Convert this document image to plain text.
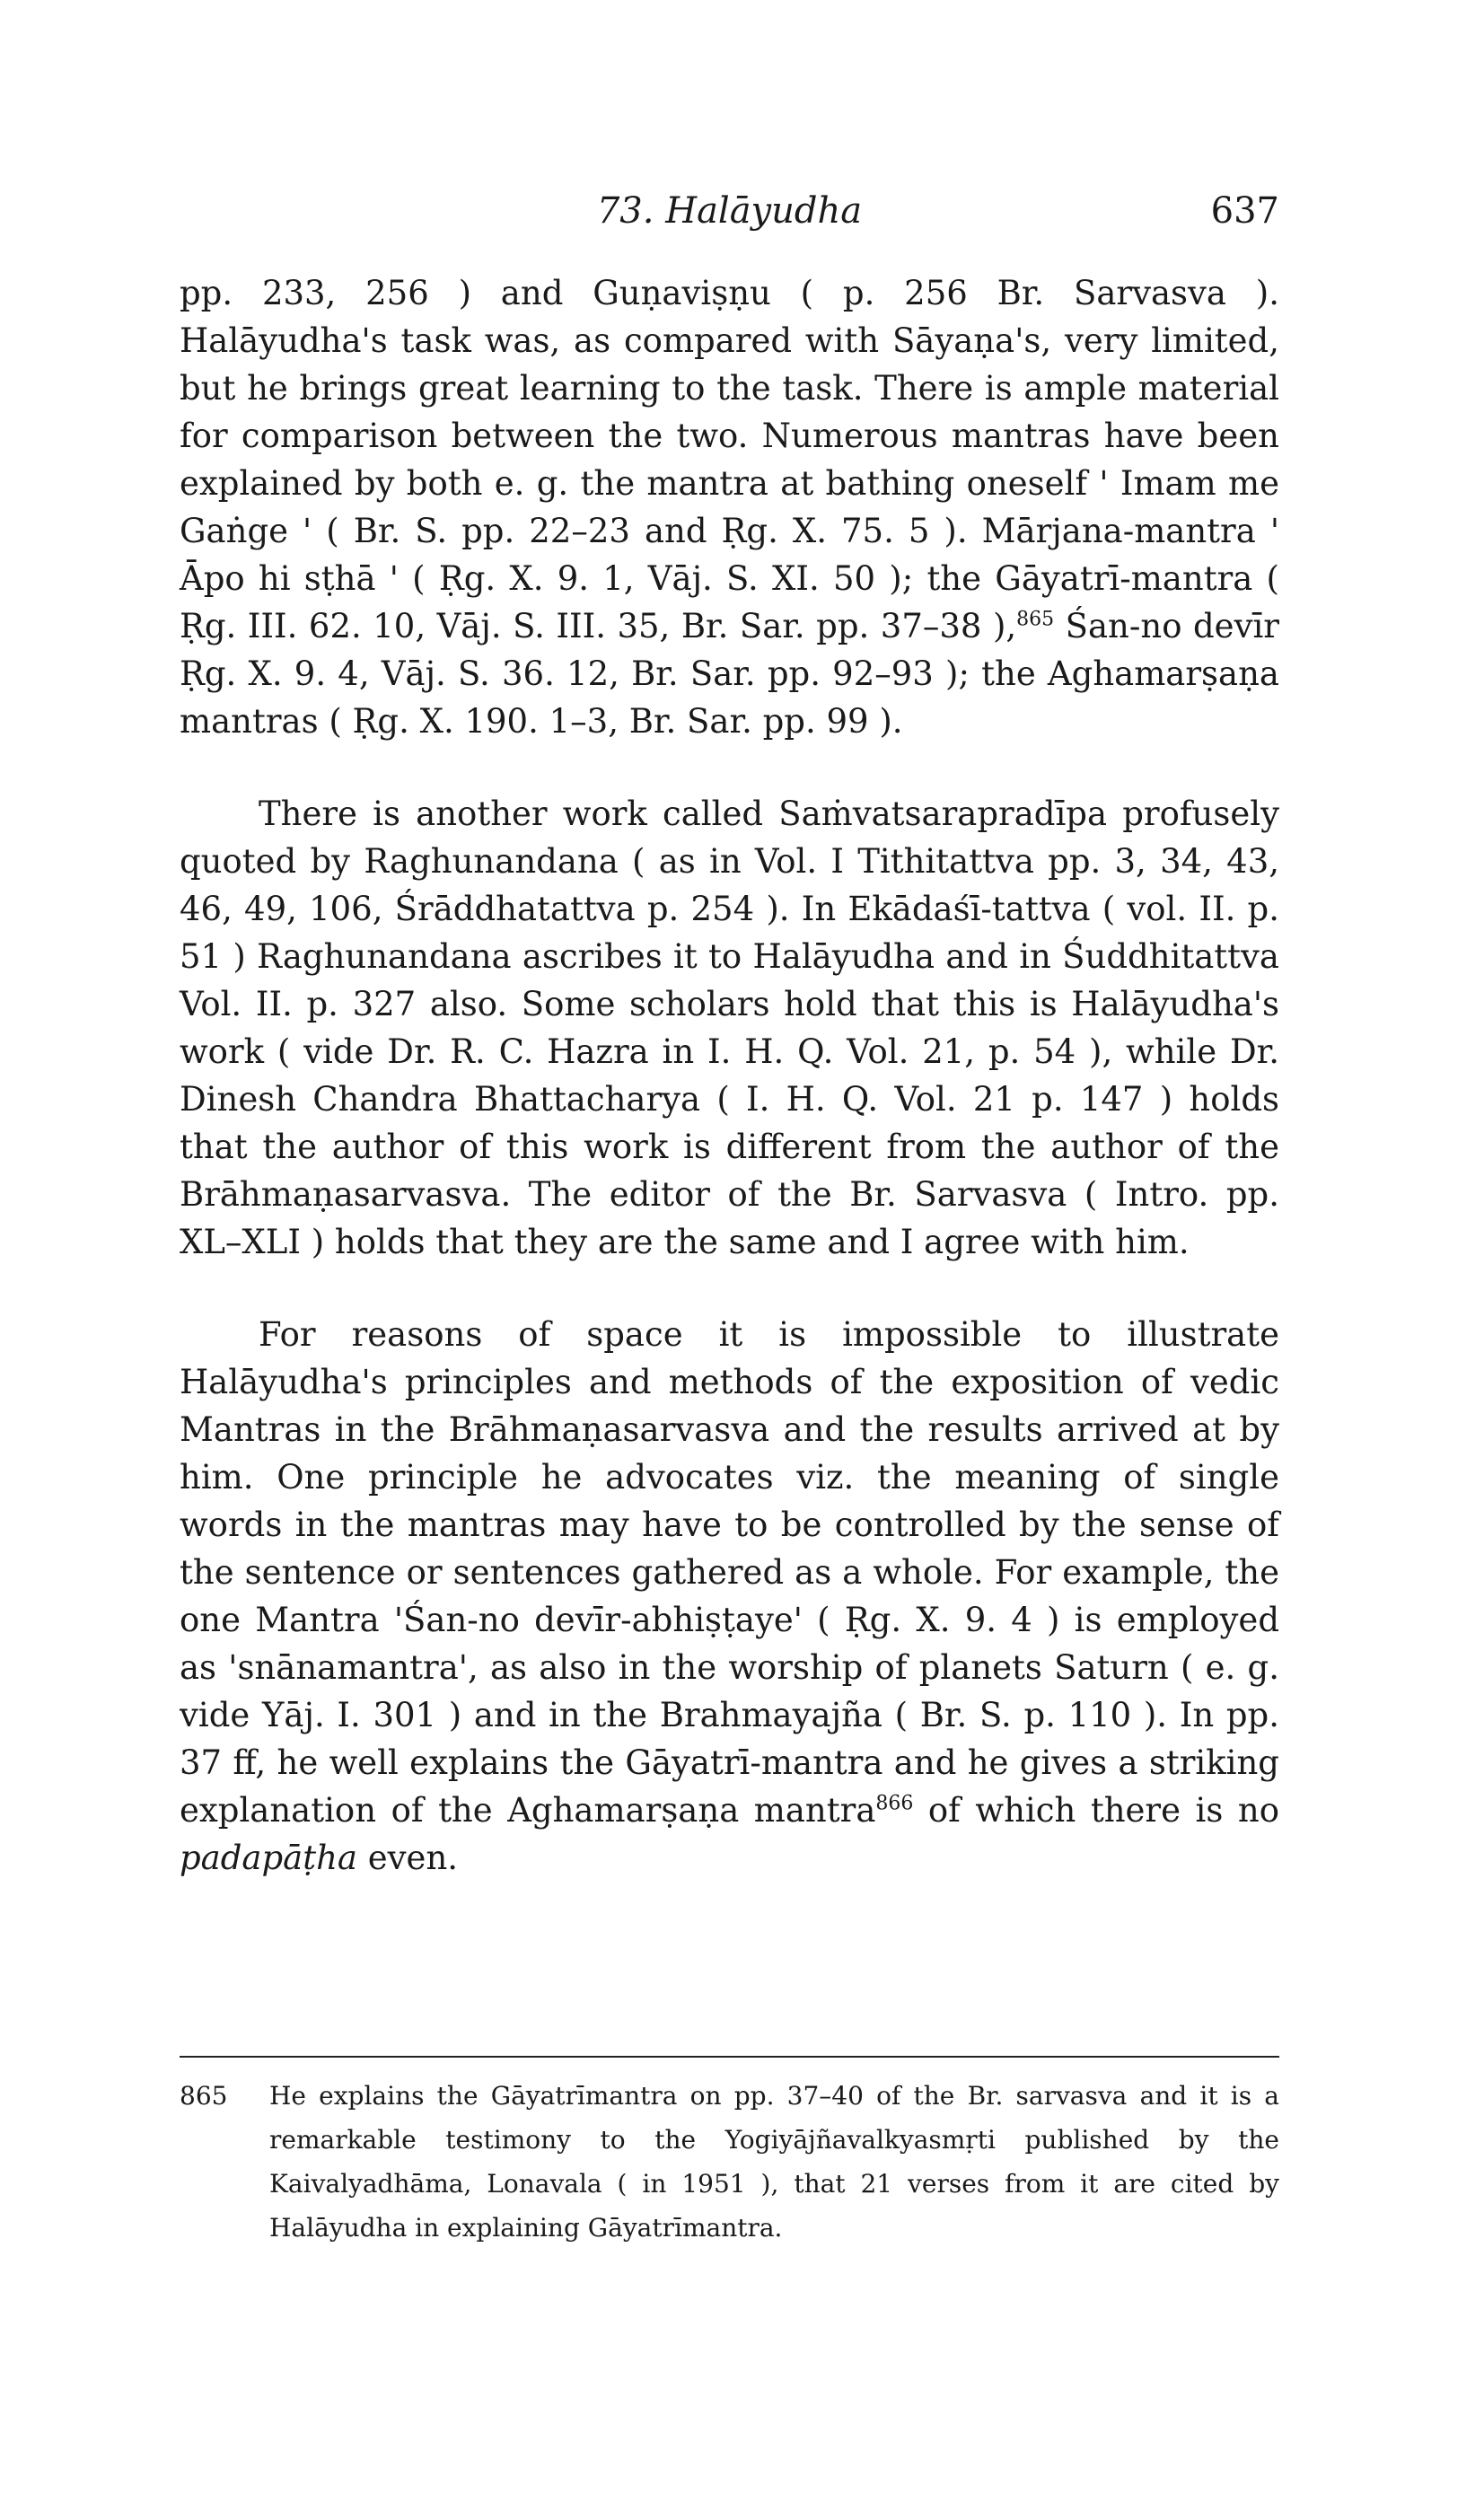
73. Halāyudha	637

pp. 233, 256 ) and Guṇaviṣṇu ( p. 256 Br. Sarvasva ). Halāyudha's task was, as compared with Sāyaṇa's, very limited, but he brings great learning to the task. There is ample material for comparison between the two. Numerous mantras have been explained by both e. g. the mantra at bathing oneself ' Imam me Gaṅge ' ( Br. S. pp. 22–23 and Ṛg. X. 75. 5 ). Mārjana-mantra ' Āpo hi sṭhā ' ( Ṛg. X. 9. 1, Vāj. S. XI. 50 ); the Gāyatrī-mantra ( Ṛg. III. 62. 10, Vāj. S. III. 35, Br. Sar. pp. 37–38 ),$^{865}$ Śan-no devīr Ṛg. X. 9. 4, Vāj. S. 36. 12, Br. Sar. pp. 92–93 ); the Aghamarṣaṇa mantras ( Ṛg. X. 190. 1–3, Br. Sar. pp. 99 ).

There is another work called Saṁvatsarapradīpa profusely quoted by Raghunandana ( as in Vol. I Tithitattva pp. 3, 34, 43, 46, 49, 106, Śrāddhatattva p. 254 ). In Ekādaśī-tattva ( vol. II. p. 51 ) Raghunandana ascribes it to Halāyudha and in Śuddhitattva Vol. II. p. 327 also. Some scholars hold that this is Halāyudha's work ( vide Dr. R. C. Hazra in I. H. Q. Vol. 21, p. 54 ), while Dr. Dinesh Chandra Bhattacharya ( I. H. Q. Vol. 21 p. 147 ) holds that the author of this work is different from the author of the Brāhmaṇasarvasva. The editor of the Br. Sarvasva ( Intro. pp. XL–XLI ) holds that they are the same and I agree with him.

For reasons of space it is impossible to illustrate Halāyudha's principles and methods of the exposition of vedic Mantras in the Brāhmaṇasarvasva and the results arrived at by him. One principle he advocates viz. the meaning of single words in the mantras may have to be controlled by the sense of the sentence or sentences gathered as a whole. For example, the one Mantra 'Śan-no devīr-abhiṣṭaye' ( Ṛg. X. 9. 4 ) is employed as 'snānamantra', as also in the worship of planets Saturn ( e. g. vide Yāj. I. 301 ) and in the Brahmayajña ( Br. S. p. 110 ). In pp. 37 ff, he well explains the Gāyatrī-mantra and he gives a striking explanation of the Aghamarṣaṇa mantra$^{866}$ of which there is no padapāṭha even.

865 He explains the Gāyatrīmantra on pp. 37–40 of the Br. sarvasva and it is a remarkable testimony to the Yogiyājñavalkyasmṛti published by the Kaivalyadhāma, Lonavala ( in 1951 ), that 21 verses from it are cited by Halāyudha in explaining Gāyatrīmantra.
